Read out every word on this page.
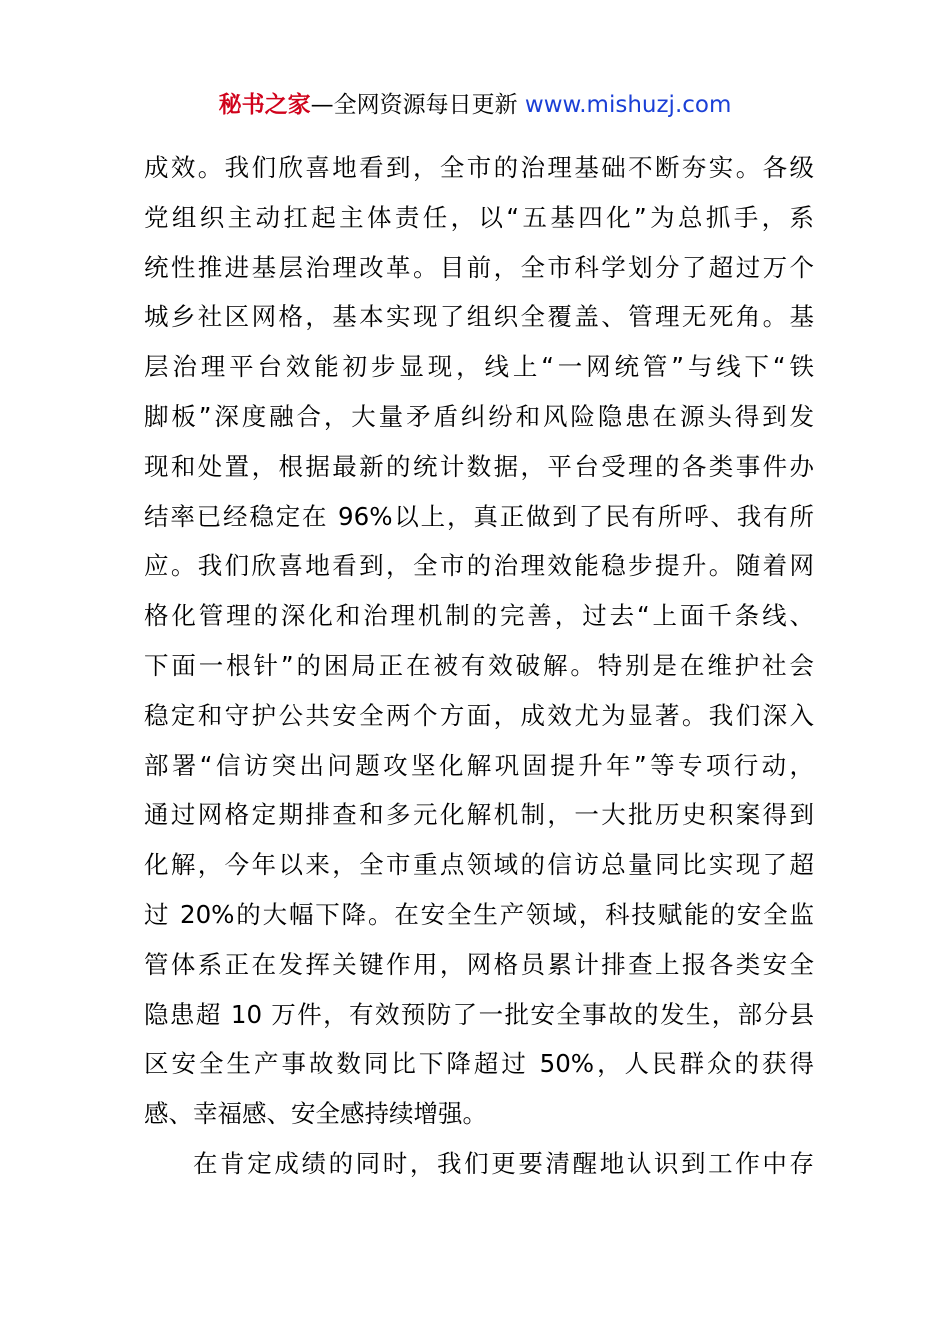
秘书之家—全网资源每日更新 www.mishuzj.com
成效。我们欣喜地看到，全市的治理基础不断夯实。各级
党组织主动扛起主体责任，以“五基四化”为总抓手，系
统性推进基层治理改革。目前，全市科学划分了超过万个
城乡社区网格，基本实现了组织全覆盖、管理无死角。基
层治理平台效能初步显现，线上“一网统管”与线下“铁
脚板”深度融合，大量矛盾纠纷和风险隐患在源头得到发
现和处置，根据最新的统计数据，平台受理的各类事件办
结率已经稳定在 96%以上，真正做到了民有所呼、我有所
应。我们欣喜地看到，全市的治理效能稳步提升。随着网
格化管理的深化和治理机制的完善，过去“上面千条线、
下面一根针”的困局正在被有效破解。特别是在维护社会
稳定和守护公共安全两个方面，成效尤为显著。我们深入
部署“信访突出问题攻坚化解巩固提升年”等专项行动，
通过网格定期排查和多元化解机制，一大批历史积案得到
化解，今年以来，全市重点领域的信访总量同比实现了超
过 20%的大幅下降。在安全生产领域，科技赋能的安全监
管体系正在发挥关键作用，网格员累计排查上报各类安全
隐患超 10 万件，有效预防了一批安全事故的发生，部分县
区安全生产事故数同比下降超过 50%，人民群众的获得
感、幸福感、安全感持续增强。
在肯定成绩的同时，我们更要清醒地认识到工作中存
